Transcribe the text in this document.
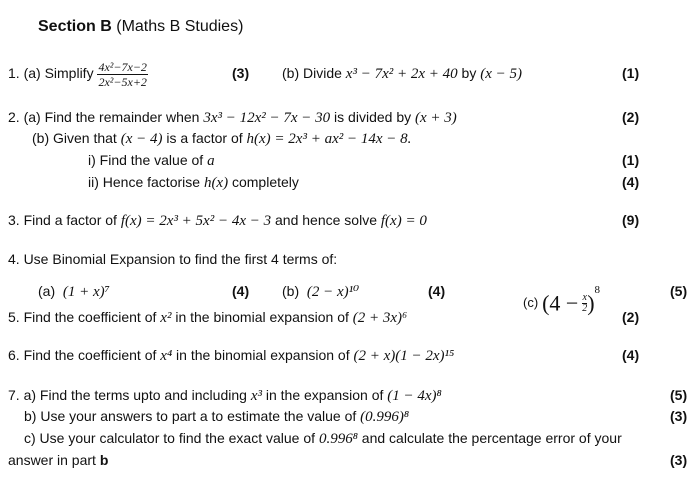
Section B (Maths B Studies)
1. (a) Simplify $\frac{\text{4x²−7x−2}}{\text{2x²−5x+2}}$	(3) (b) Divide x³ − 7x² + 2x + 40 by (x − 5)	(1)
2. (a) Find the remainder when 3x³ − 12x² − 7x − 30 is divided by (x + 3)	(2)
(b) Given that (x − 4) is a factor of h(x) = 2x³ + ax² − 14x − 8.
i) Find the value of a	(1)
ii) Hence factorise h(x) completely	(4)
3. Find a factor of f(x) = 2x³ + 5x² − 4x − 3 and hence solve f(x) = 0	(9)
4. Use Binomial Expansion to find the first 4 terms of:
(a) (1 + x)⁷	(4) (b) (2 − x)¹⁰	(4)
(c) $(4 - \frac{x}{2} )^8$	(5)
5. Find the coefficient of x² in the binomial expansion of (2 + 3x)⁶	(2)
6. Find the coefficient of x⁴ in the binomial expansion of (2 + x)(1 − 2x)¹⁵	(4)
7. a) Find the terms upto and including x³ in the expansion of (1 − 4x)⁸	(5)
b) Use your answers to part a to estimate the value of (0.996)⁸	(3)
c) Use your calculator to find the exact value of 0.996⁸ and calculate the percentage error of your
answer in part b	(3)
